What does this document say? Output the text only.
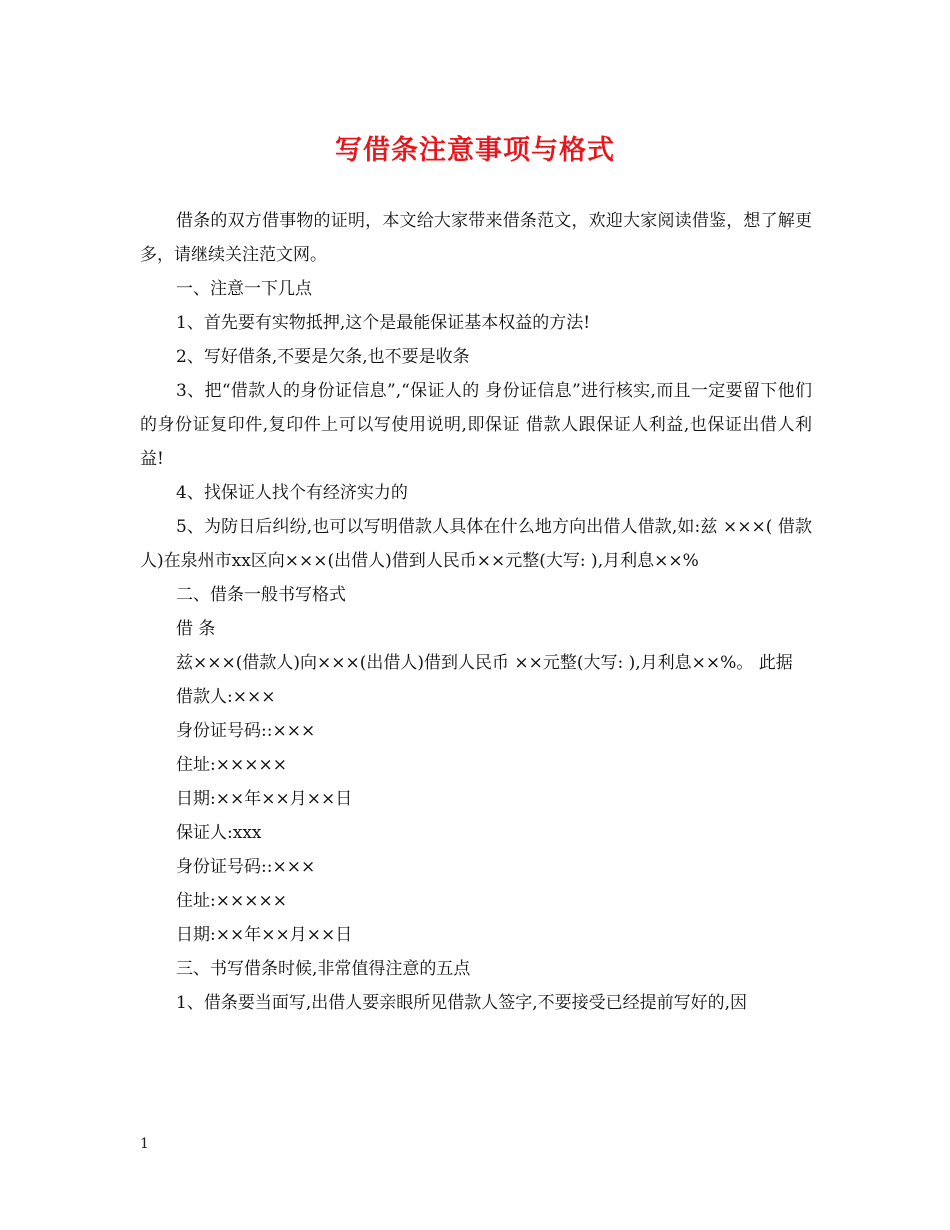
写借条注意事项与格式

借条的双方借事物的证明，本文给大家带来借条范文，欢迎大家阅读借鉴，想了解更多，请继续关注范文网。

一、注意一下几点

1、首先要有实物抵押,这个是最能保证基本权益的方法!

2、写好借条,不要是欠条,也不要是收条

3、把“借款人的身份证信息”,“保证人的 身份证信息”进行核实,而且一定要留下他们的身份证复印件,复印件上可以写使用说明,即保证 借款人跟保证人利益,也保证出借人利益!

4、找保证人找个有经济实力的

5、为防日后纠纷,也可以写明借款人具体在什么地方向出借人借款,如:兹 ×××( 借款人)在泉州市xx区向×××(出借人)借到人民币××元整(大写: ),月利息××%

二、借条一般书写格式

借 条

兹×××(借款人)向×××(出借人)借到人民币 ××元整(大写: ),月利息××%。 此据

借款人:×××

身份证号码::×××

住址:×××××

日期:××年××月××日

保证人:xxx

身份证号码::×××

住址:×××××

日期:××年××月××日

三、书写借条时候,非常值得注意的五点

1、借条要当面写,出借人要亲眼所见借款人签字,不要接受已经提前写好的,因

1
